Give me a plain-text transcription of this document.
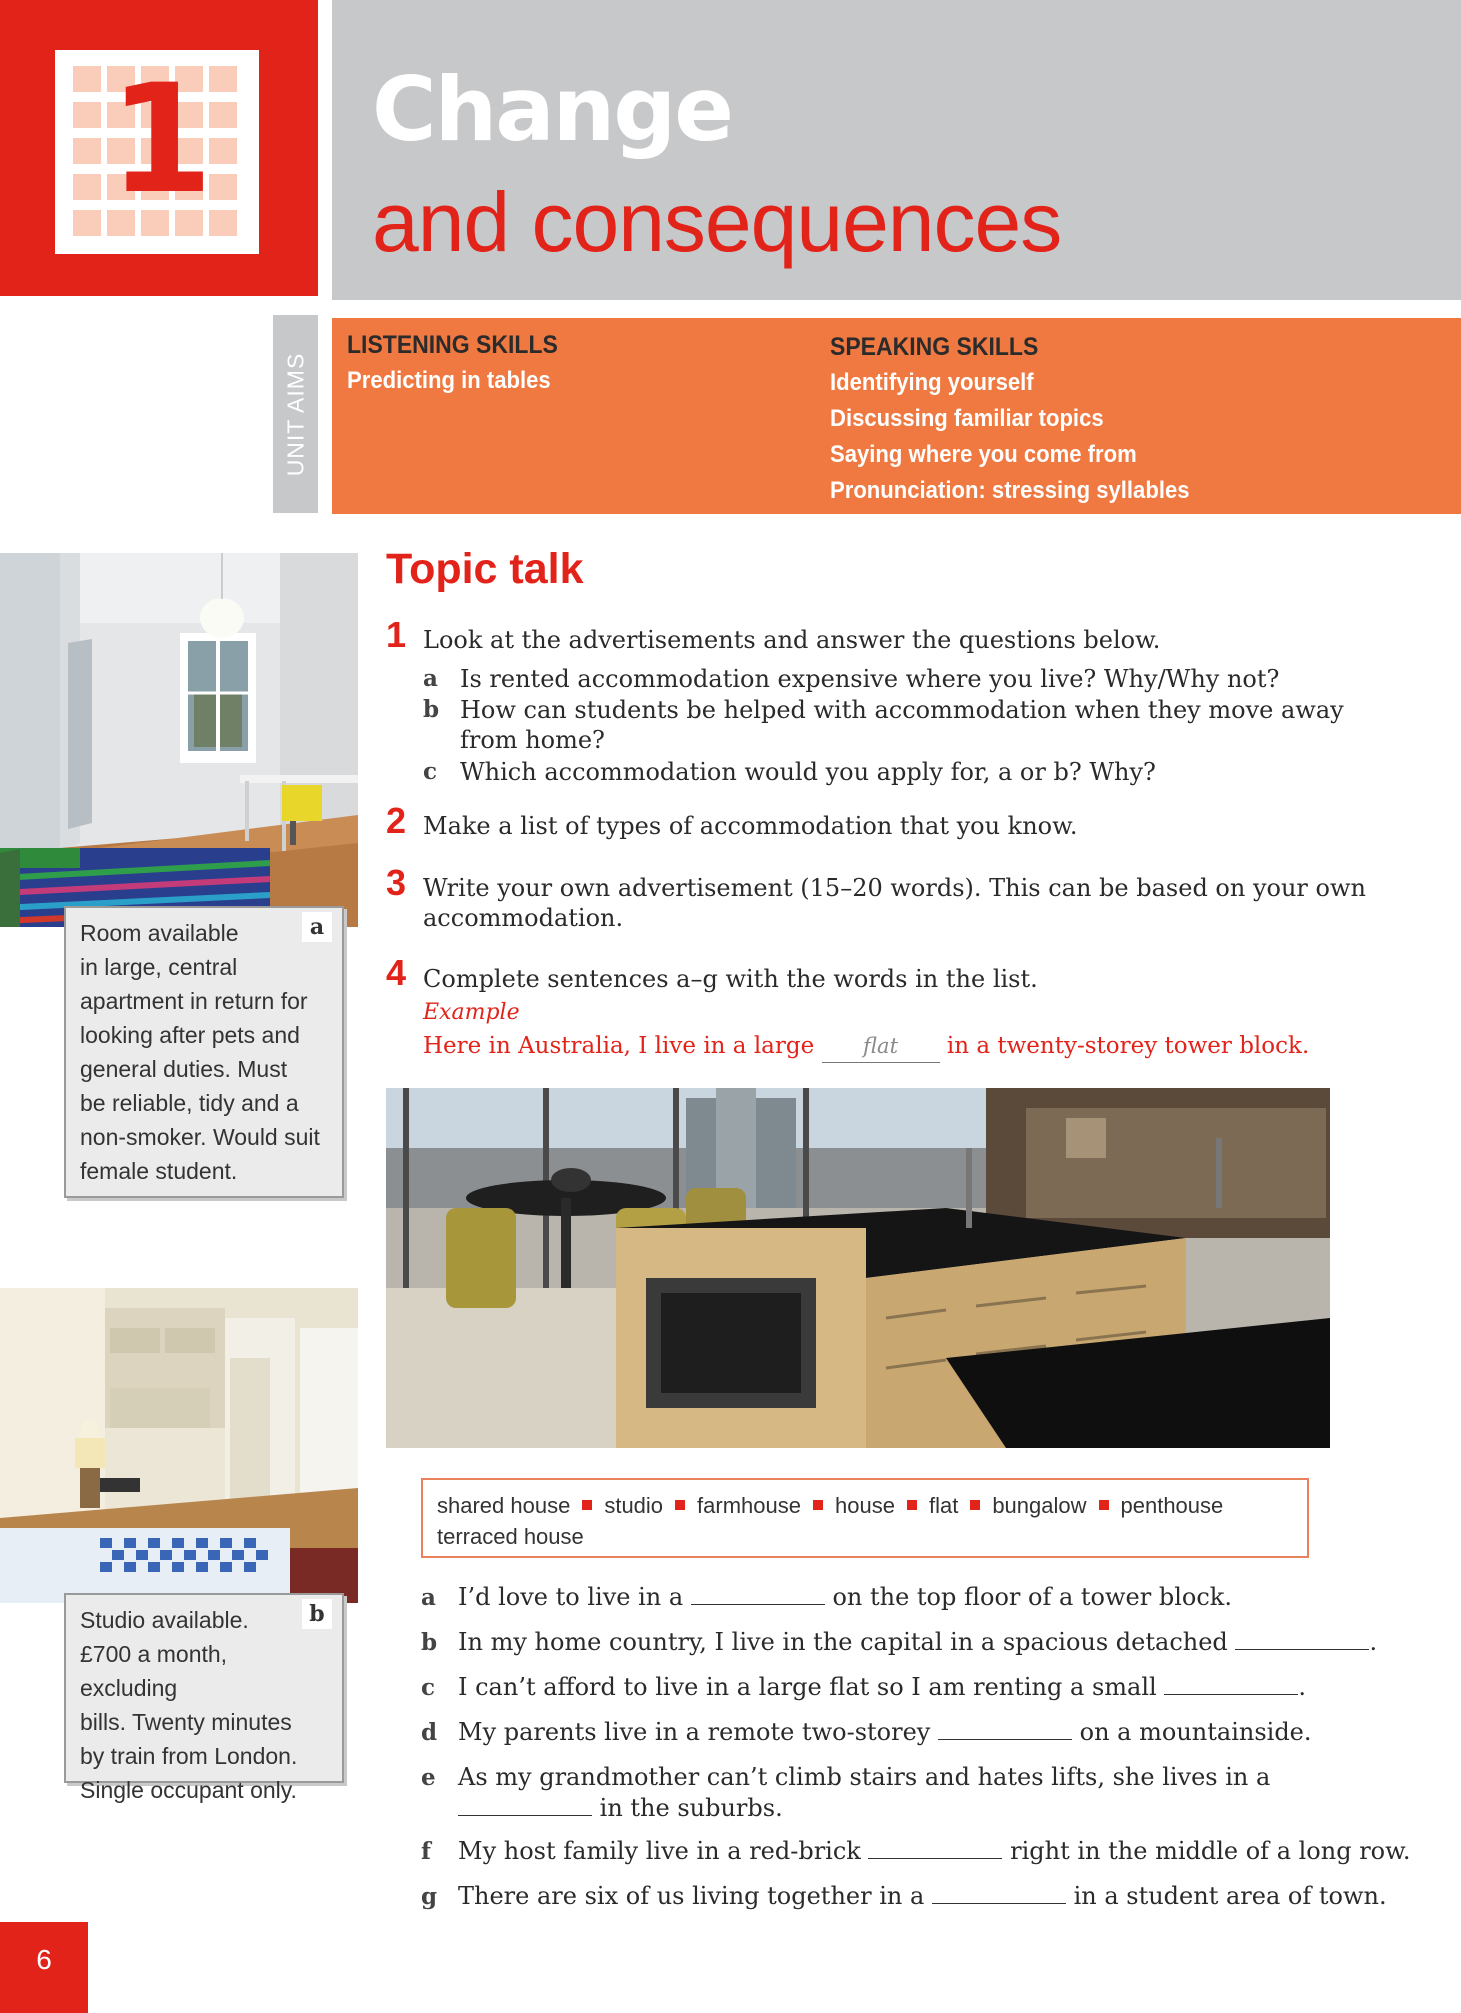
1	Change
and consequences
UNIT AIMS
LISTENING SKILLS
Predicting in tables
SPEAKING SKILLS
Identifying yourself
Discussing familiar topics
Saying where you come from
Pronunciation: stressing syllables
a
Room available
in large, central
apartment in return for
looking after pets and
general duties. Must
be reliable, tidy and a
non-smoker. Would suit
female student.
b
Studio available.
£700 a month, excluding
bills. Twenty minutes
by train from London.
Single occupant only.
Topic talk
1 Look at the advertisements and answer the questions below.
a Is rented accommodation expensive where you live? Why/Why not?
b How can students be helped with accommodation when they move away
from home?
c Which accommodation would you apply for, a or b? Why?
2 Make a list of types of accommodation that you know.
3 Write your own advertisement (15–20 words). This can be based on your own
accommodation.
4 Complete sentences a–g with the words in the list.
Example
Here in Australia, I live in a large flat in a twenty-storey tower block.
shared house studio farmhouse house flat bungalow penthouse
terraced house
a I’d love to live in a	on the top floor of a tower block.
b In my home country, I live in the capital in a spacious detached	.
c I can’t afford to live in a large flat so I am renting a small	.
d My parents live in a remote two-storey	on a mountainside.
e As my grandmother can’t climb stairs and hates lifts, she lives in a
in the suburbs.
f My host family live in a red-brick	right in the middle of a long row.
g There are six of us living together in a	in a student area of town.
6
